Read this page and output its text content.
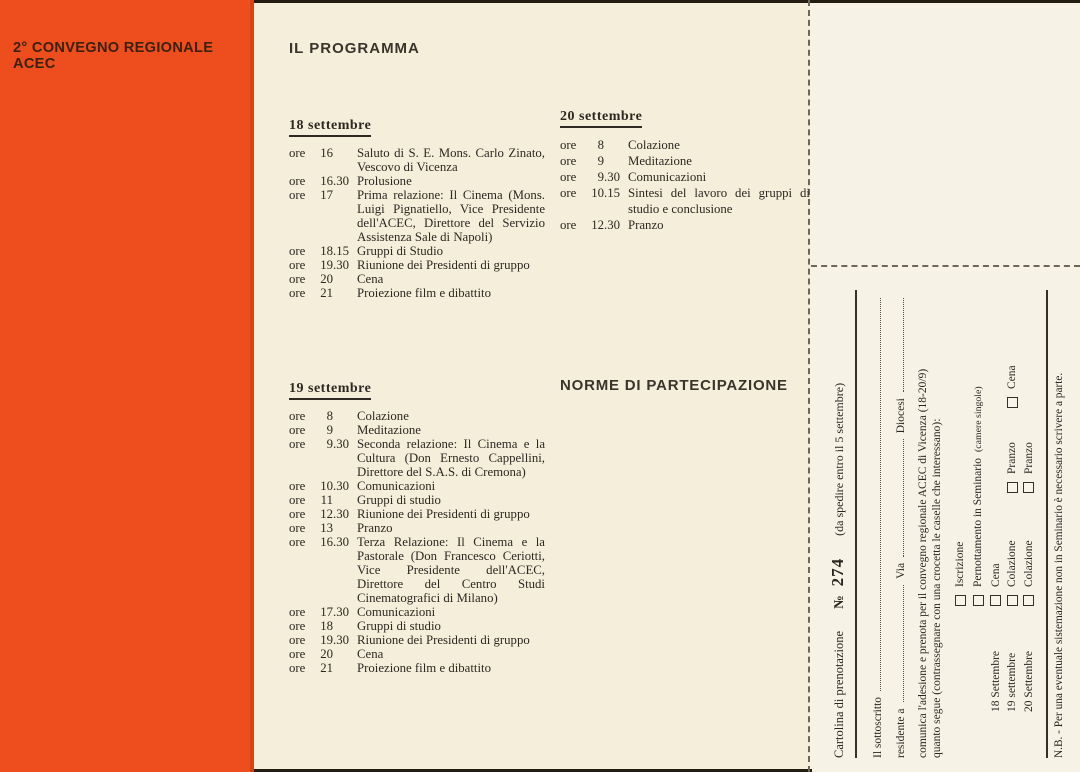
2° CONVEGNO REGIONALE ACEC

IL PROGRAMMA
18 settembre
ore	16 Saluto di S. E. Mons. Carlo Zinato, Vescovo di Vicenza
ore	16 .30 Prolusione
ore	17 Prima relazione: Il Cinema (Mons. Luigi Pignatiello, Vice Presidente dell'ACEC, Direttore del Servizio Assistenza Sale di Napoli)
ore	18 .15 Gruppi di Studio
ore	19 .30 Riunione dei Presidenti di gruppo
ore	20 Cena
ore	21 Proiezione film e dibattito
19 settembre
ore	8 Colazione
ore	9 Meditazione
ore	9 .30 Seconda relazione: Il Cinema e la Cultura (Don Ernesto Cappellini, Direttore del S.A.S. di Cremona)
ore	10 .30 Comunicazioni
ore	11 Gruppi di studio
ore	12 .30 Riunione dei Presidenti di gruppo
ore	13 Pranzo
ore	16 .30 Terza Relazione: Il Cinema e la Pastorale (Don Francesco Ceriotti, Vice Presidente dell'ACEC, Direttore del Centro Studi Cinematografici di Milano)
ore	17 .30 Comunicazioni
ore	18 Gruppi di studio
ore	19 .30 Riunione dei Presidenti di gruppo
ore	20 Cena
ore	21 Proiezione film e dibattito
20 settembre
ore	8 Colazione
ore	9 Meditazione
ore	9 .30 Comunicazioni
ore	10 .15 Sintesi del lavoro dei gruppi di studio e conclusione
ore	12 .30 Pranzo
NORME DI PARTECIPAZIONE

Cartolina di prenotazione
№
274
(da spedire entro il 5 settembre)
Il sottoscritto residente a
Via
Diocesi comunica l'adesione e prenota per il convegno regionale ACEC di Vicenza (18-20/9) quanto segue (contrassegnare con una crocetta le caselle che interessano): Iscrizione Pernottamento in Seminario
(camere singole)
18 Settembre
Cena
19 settembre
Colazione
Pranzo
Cena
20 Settembre
Colazione
Pranzo N.B. - Per una eventuale sistemazione non in Seminario è necessario scrivere a parte.
